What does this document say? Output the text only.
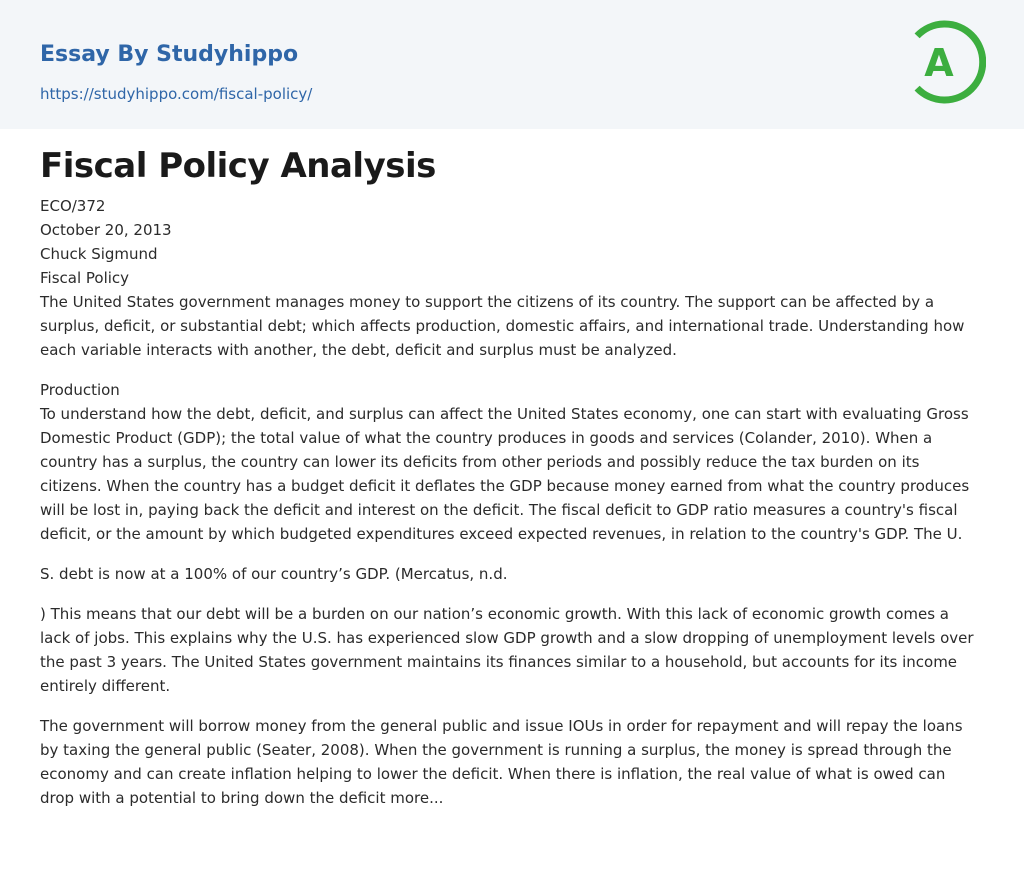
Essay By Studyhippo
https://studyhippo.com/fiscal-policy/
A
Fiscal Policy Analysis
ECO/372
October 20, 2013
Chuck Sigmund
Fiscal Policy

The United States government manages money to support the citizens of its country. The support can be affected by a surplus, deficit, or substantial debt; which affects production, domestic affairs, and international trade. Understanding how each variable interacts with another, the debt, deficit and surplus must be analyzed.

Production

To understand how the debt, deficit, and surplus can affect the United States economy, one can start with evaluating Gross Domestic Product (GDP); the total value of what the country produces in goods and services (Colander, 2010). When a country has a surplus, the country can lower its deficits from other periods and possibly reduce the tax burden on its citizens. When the country has a budget deficit it deflates the GDP because money earned from what the country produces will be lost in, paying back the deficit and interest on the deficit. The fiscal deficit to GDP ratio measures a country's fiscal deficit, or the amount by which budgeted expenditures exceed expected revenues, in relation to the country's GDP. The U.

S. debt is now at a 100% of our country’s GDP. (Mercatus, n.d.

) This means that our debt will be a burden on our nation’s economic growth. With this lack of economic growth comes a lack of jobs. This explains why the U.S. has experienced slow GDP growth and a slow dropping of unemployment levels over the past 3 years. The United States government maintains its finances similar to a household, but accounts for its income entirely different.

The government will borrow money from the general public and issue IOUs in order for repayment and will repay the loans by taxing the general public (Seater, 2008). When the government is running a surplus, the money is spread through the economy and can create inflation helping to lower the deficit. When there is inflation, the real value of what is owed can drop with a potential to bring down the deficit more...
